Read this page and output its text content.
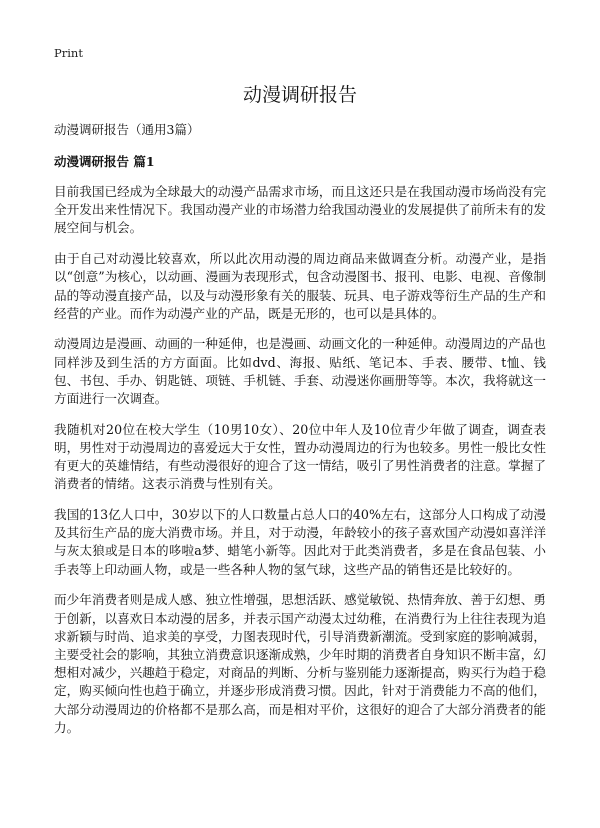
Print
动漫调研报告
动漫调研报告（通用3篇）
动漫调研报告 篇1

目前我国已经成为全球最大的动漫产品需求市场，而且这还只是在我国动漫市场尚没有完全开发出来性情况下。我国动漫产业的市场潜力给我国动漫业的发展提供了前所未有的发展空间与机会。

由于自己对动漫比较喜欢，所以此次用动漫的周边商品来做调查分析。动漫产业，是指以“创意”为核心，以动画、漫画为表现形式，包含动漫图书、报刊、电影、电视、音像制品的等动漫直接产品，以及与动漫形象有关的服装、玩具、电子游戏等衍生产品的生产和经营的产业。而作为动漫产业的产品，既是无形的，也可以是具体的。

动漫周边是漫画、动画的一种延伸，也是漫画、动画文化的一种延伸。动漫周边的产品也同样涉及到生活的方方面面。比如dvd、海报、贴纸、笔记本、手表、腰带、t恤、钱包、书包、手办、钥匙链、项链、手机链、手套、动漫迷你画册等等。本次，我将就这一方面进行一次调查。

我随机对20位在校大学生（10男10女）、20位中年人及10位青少年做了调查，调查表明，男性对于动漫周边的喜爱远大于女性，置办动漫周边的行为也较多。男性一般比女性有更大的英雄情结，有些动漫很好的迎合了这一情结，吸引了男性消费者的注意。掌握了消费者的情绪。这表示消费与性别有关。

我国的13亿人口中，30岁以下的人口数量占总人口的40%左右，这部分人口构成了动漫及其衍生产品的庞大消费市场。并且，对于动漫，年龄较小的孩子喜欢国产动漫如喜洋洋与灰太狼或是日本的哆啦a梦、蜡笔小新等。因此对于此类消费者，多是在食品包装、小手表等上印动画人物，或是一些各种人物的氢气球，这些产品的销售还是比较好的。

而少年消费者则是成人感、独立性增强，思想活跃、感觉敏锐、热情奔放、善于幻想、勇于创新，以喜欢日本动漫的居多，并表示国产动漫太过幼稚，在消费行为上往往表现为追求新颖与时尚、追求美的享受，力图表现时代，引导消费新潮流。受到家庭的影响减弱，主要受社会的影响，其独立消费意识逐渐成熟，少年时期的消费者自身知识不断丰富，幻想相对减少，兴趣趋于稳定，对商品的判断、分析与鉴别能力逐渐提高，购买行为趋于稳定，购买倾向性也趋于确立，并逐步形成消费习惯。因此，针对于消费能力不高的他们，大部分动漫周边的价格都不是那么高，而是相对平价，这很好的迎合了大部分消费者的能力。
